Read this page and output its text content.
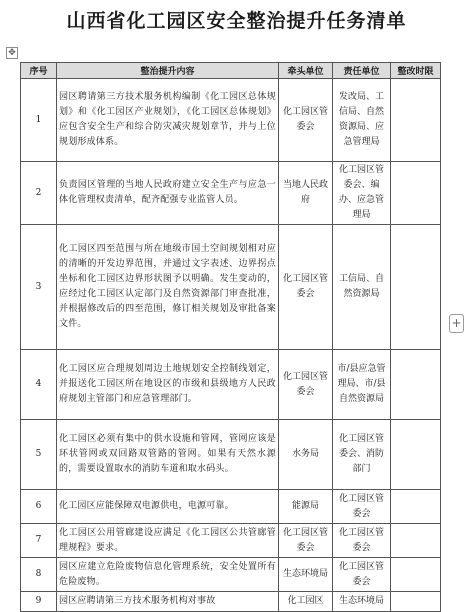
山西省化工园区安全整治提升任务清单
✥
+
序号	整治提升内容	牵头单位	责任单位	整改时限
1	园区聘请第三方技术服务机构编制《化工园区总体规划》和《化工园区产业规划》，《化工园区总体规划》应包含安全生产和综合防灾减灾规划章节，并与上位规划形成体系。	化工园区管委会	发改局、工信局、自然资源局、应急管理局	
2	负责园区管理的当地人民政府建立安全生产与应急一体化管理权责清单，配齐配强专业监管人员。	当地人民政府	化工园区管委会、编办、应急管理局	
3	化工园区四至范围与所在地级市国土空间规划相对应的清晰的开发边界范围，并通过文字表述、边界拐点坐标和化工园区边界形状图予以明确。发生变动的，应经过化工园区认定部门及自然资源部门审查批准，并根据修改后的四至范围，修订相关规划及审批备案文件。	化工园区管委会	工信局、自然资源局	
4	化工园区应合理规划周边土地规划安全控制线划定，并报送化工园区所在地设区的市级和县级地方人民政府规划主管部门和应急管理部门。	化工园区管委会	市/县应急管理局、市/县自然资源局	
5	化工园区必须有集中的供水设施和管网，管网应该是环状管网或双回路双管路的管网。如果有天然水源的，需要设置取水的消防车道和取水码头。	水务局	化工园区管委会、消防部门	
6	化工园区应能保障双电源供电，电源可靠。	能源局	化工园区管委会	
7	化工园区公用管廊建设应满足《化工园区公共管廊管理规程》要求。	化工园区管委会	化工园区管委会	
8	园区应建立危险废物信息化管理系统，安全处置所有危险废物。	生态环境局	化工园区管委会	
9	园区应聘请第三方技术服务机构对事故	化工园区	生态环境局	
